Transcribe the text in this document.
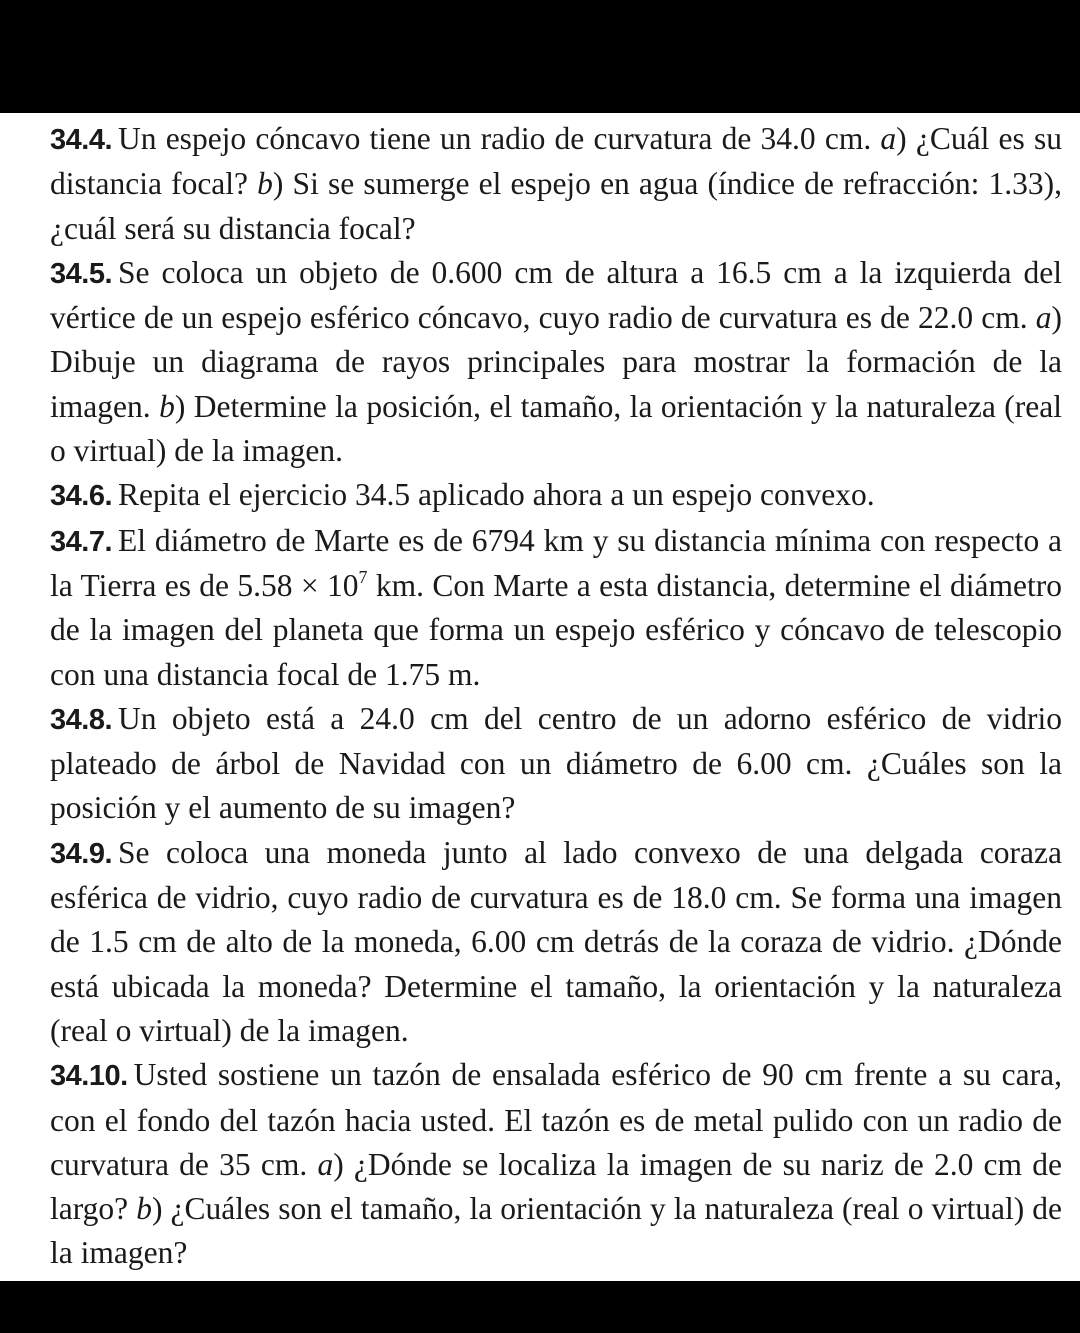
34.4. Un espejo cóncavo tiene un radio de curvatura de 34.0 cm. a) ¿Cuál es su distancia focal? b) Si se sumerge el espejo en agua (índice de refracción: 1.33), ¿cuál será su distancia focal?

34.5. Se coloca un objeto de 0.600 cm de altura a 16.5 cm a la izquierda del vértice de un espejo esférico cóncavo, cuyo radio de curvatura es de 22.0 cm. a) Dibuje un diagrama de rayos principales para mostrar la formación de la imagen. b) Determine la posición, el tamaño, la orientación y la naturaleza (real o virtual) de la imagen.

34.6. Repita el ejercicio 34.5 aplicado ahora a un espejo convexo.

34.7. El diámetro de Marte es de 6794 km y su distancia mínima con respecto a la Tierra es de $5.58 \times 10^7$ km. Con Marte a esta distancia, determine el diámetro de la imagen del planeta que forma un espejo esférico y cóncavo de telescopio con una distancia focal de 1.75 m.

34.8. Un objeto está a 24.0 cm del centro de un adorno esférico de vidrio plateado de árbol de Navidad con un diámetro de 6.00 cm. ¿Cuáles son la posición y el aumento de su imagen?

34.9. Se coloca una moneda junto al lado convexo de una delgada coraza esférica de vidrio, cuyo radio de curvatura es de 18.0 cm. Se forma una imagen de 1.5 cm de alto de la moneda, 6.00 cm detrás de la coraza de vidrio. ¿Dónde está ubicada la moneda? Determine el tamaño, la orientación y la naturaleza (real o virtual) de la imagen.

34.10. Usted sostiene un tazón de ensalada esférico de 90 cm frente a su cara, con el fondo del tazón hacia usted. El tazón es de metal pulido con un radio de curvatura de 35 cm. a) ¿Dónde se localiza la imagen de su nariz de 2.0 cm de largo? b) ¿Cuáles son el tamaño, la orientación y la naturaleza (real o virtual) de la imagen?
